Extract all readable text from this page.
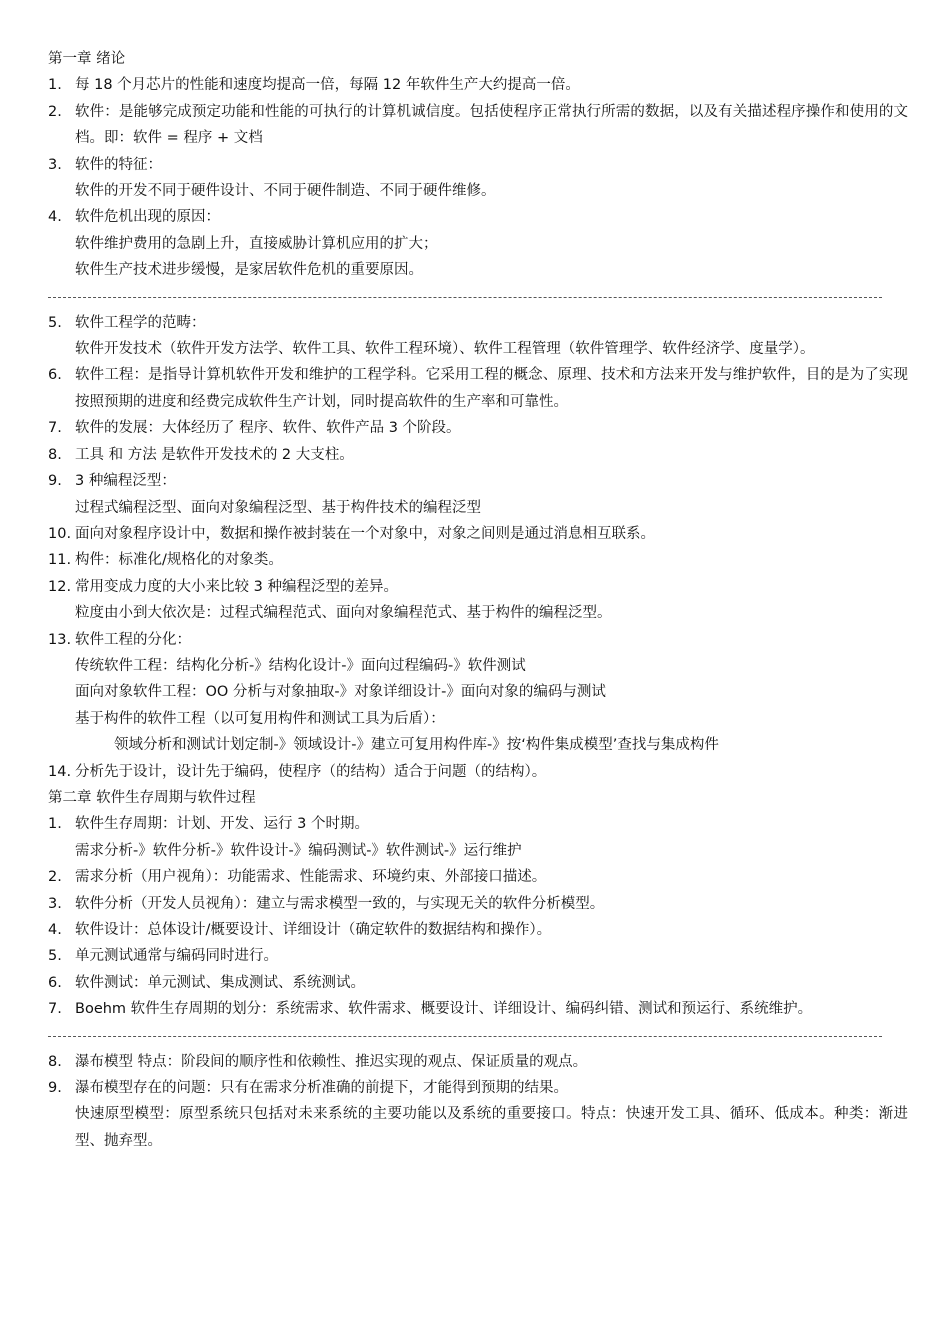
第一章 绪论
1. 每 18 个月芯片的性能和速度均提高一倍，每隔 12 年软件生产大约提高一倍。
2. 软件：是能够完成预定功能和性能的可执行的计算机诚信度。包括使程序正常执行所需的数据，以及有关描述程序操作和使用的文档。即：软件 = 程序 + 文档
3. 软件的特征：
软件的开发不同于硬件设计、不同于硬件制造、不同于硬件维修。
4. 软件危机出现的原因：
软件维护费用的急剧上升，直接威胁计算机应用的扩大；
软件生产技术进步缓慢，是家居软件危机的重要原因。
5. 软件工程学的范畴：
软件开发技术（软件开发方法学、软件工具、软件工程环境）、软件工程管理（软件管理学、软件经济学、度量学）。
6. 软件工程：是指导计算机软件开发和维护的工程学科。它采用工程的概念、原理、技术和方法来开发与维护软件，目的是为了实现按照预期的进度和经费完成软件生产计划，同时提高软件的生产率和可靠性。
7. 软件的发展：大体经历了 程序、软件、软件产品 3 个阶段。
8. 工具 和 方法 是软件开发技术的 2 大支柱。
9. 3 种编程泛型：
过程式编程泛型、面向对象编程泛型、基于构件技术的编程泛型
10. 面向对象程序设计中，数据和操作被封装在一个对象中，对象之间则是通过消息相互联系。
11. 构件：标准化/规格化的对象类。
12. 常用变成力度的大小来比较 3 种编程泛型的差异。
粒度由小到大依次是：过程式编程范式、面向对象编程范式、基于构件的编程泛型。
13. 软件工程的分化：
传统软件工程：结构化分析-》结构化设计-》面向过程编码-》软件测试
面向对象软件工程：OO 分析与对象抽取-》对象详细设计-》面向对象的编码与测试
基于构件的软件工程（以可复用构件和测试工具为后盾）：
领域分析和测试计划定制-》领域设计-》建立可复用构件库-》按‘构件集成模型’查找与集成构件
14. 分析先于设计，设计先于编码，使程序（的结构）适合于问题（的结构）。
第二章 软件生存周期与软件过程
1. 软件生存周期：计划、开发、运行 3 个时期。
需求分析-》软件分析-》软件设计-》编码测试-》软件测试-》运行维护
2. 需求分析（用户视角）：功能需求、性能需求、环境约束、外部接口描述。
3. 软件分析（开发人员视角）：建立与需求模型一致的，与实现无关的软件分析模型。
4. 软件设计：总体设计/概要设计、详细设计（确定软件的数据结构和操作）。
5. 单元测试通常与编码同时进行。
6. 软件测试：单元测试、集成测试、系统测试。
7. Boehm 软件生存周期的划分：系统需求、软件需求、概要设计、详细设计、编码纠错、测试和预运行、系统维护。
8. 瀑布模型 特点：阶段间的顺序性和依赖性、推迟实现的观点、保证质量的观点。
9. 瀑布模型存在的问题：只有在需求分析准确的前提下，才能得到预期的结果。
快速原型模型：原型系统只包括对未来系统的主要功能以及系统的重要接口。特点：快速开发工具、循环、低成本。种类：渐进型、抛弃型。
